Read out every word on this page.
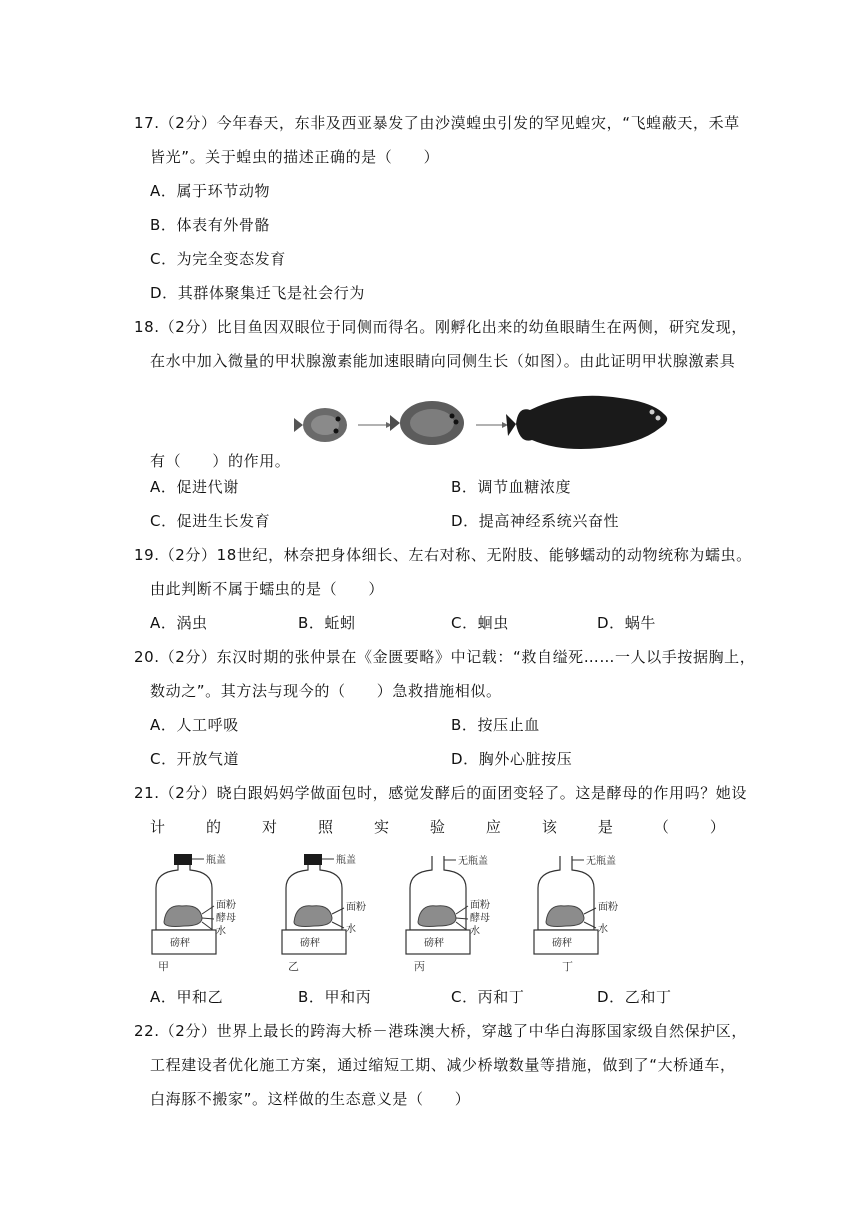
17.（2分）今年春天，东非及西亚暴发了由沙漠蝗虫引发的罕见蝗灾，“飞蝗蔽天，禾草
皆光”。关于蝗虫的描述正确的是（　　）
A．属于环节动物
B．体表有外骨骼
C．为完全变态发育
D．其群体聚集迁飞是社会行为
18.（2分）比目鱼因双眼位于同侧而得名。刚孵化出来的幼鱼眼睛生在两侧，研究发现，
在水中加入微量的甲状腺激素能加速眼睛向同侧生长（如图）。由此证明甲状腺激素具
有（　　）的作用。
A．促进代谢	B．调节血糖浓度
C．促进生长发育	D．提高神经系统兴奋性
19.（2分）18世纪，林奈把身体细长、左右对称、无附肢、能够蠕动的动物统称为蠕虫。
由此判断不属于蠕虫的是（　　）
A．涡虫	B．蚯蚓	C．蛔虫	D．蜗牛
20.（2分）东汉时期的张仲景在《金匮要略》中记载：“救自缢死……一人以手按据胸上，
数动之”。其方法与现今的（　　）急救措施相似。
A．人工呼吸	B．按压止血
C．开放气道	D．胸外心脏按压
21.（2分）晓白跟妈妈学做面包时，感觉发酵后的面团变轻了。这是酵母的作用吗？她设
计	的	对	照	实	验	应	该	是	（	）
瓶盖
面粉
酵母
水
磅秤
甲
瓶盖
面粉
水
磅秤
乙
无瓶盖
面粉
酵母
水
磅秤
丙
无瓶盖
面粉
水
磅秤
丁
A．甲和乙	B．甲和丙	C．丙和丁	D．乙和丁
22.（2分）世界上最长的跨海大桥－港珠澳大桥，穿越了中华白海豚国家级自然保护区，
工程建设者优化施工方案，通过缩短工期、减少桥墩数量等措施，做到了“大桥通车，
白海豚不搬家”。这样做的生态意义是（　　）
